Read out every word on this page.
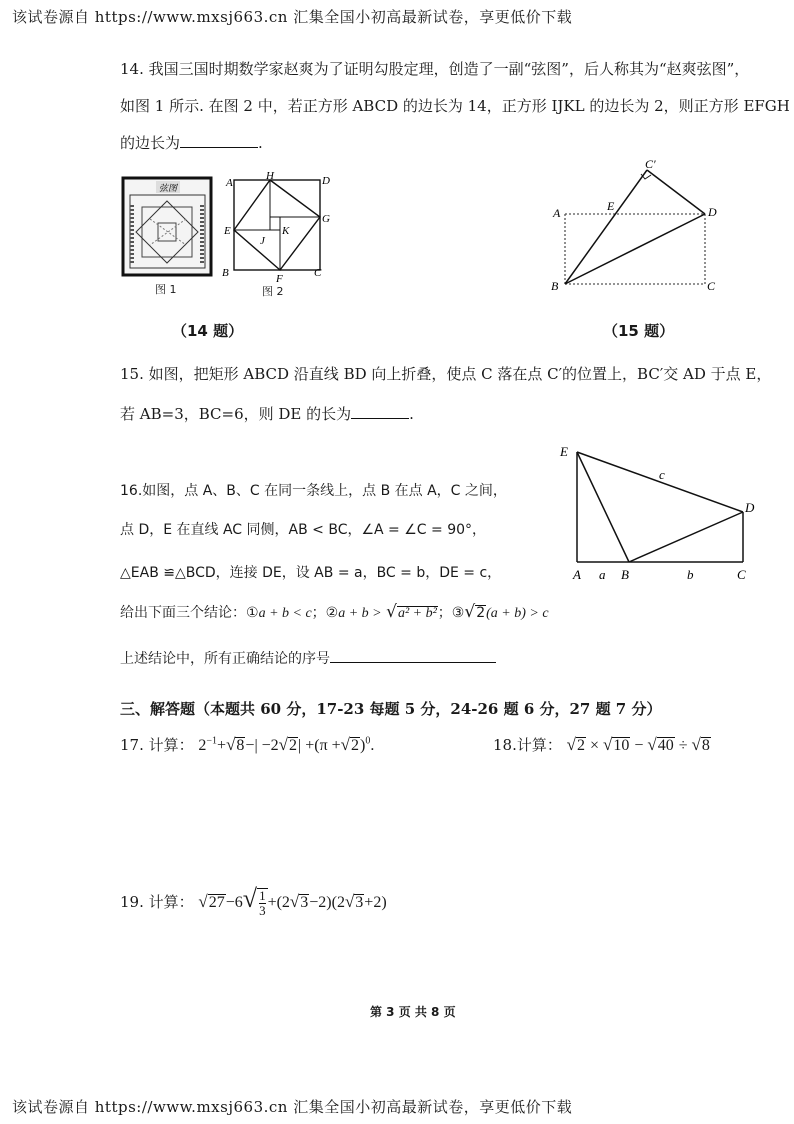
该试卷源自 https://www.mxsj663.cn 汇集全国小初高最新试卷，享更低价下载
14. 我国三国时期数学家赵爽为了证明勾股定理，创造了一副“弦图”，后人称其为“赵爽弦图”，
如图 1 所示. 在图 2 中，若正方形 ABCD 的边长为 14，正方形 IJKL 的边长为 2，则正方形 EFGH
的边长为	.
弦图
图 1
A
H	D
E
G
B	F	C
J
K
图 2
A	E
C′
D
B	C
（14 题）	（15 题）
15. 如图，把矩形 ABCD 沿直线 BD 向上折叠，使点 C 落在点 C′的位置上，BC′交 AD 于点 E，
若 AB=3，BC=6，则 DE 的长为	.
16.如图，点 A、B、C 在同一条线上，点 B 在点 A，C 之间，
点 D，E 在直线 AC 同侧，AB < BC，∠A = ∠C = 90°，
△EAB ≌△BCD，连接 DE，设 AB = a，BC = b，DE = c，
给出下面三个结论：①a + b < c；②a + b > √a² + b²；③√2(a + b) > c
上述结论中，所有正确结论的序号
E
D
A a B	b	C
c
三、解答题（本题共 60 分，17-23 每题 5 分，24-26 题 6 分，27 题 7 分）
17. 计算： $2^{-1}+√8-| -2√2| +(\pi +√2)^0$.	18.计算： √2 × √10 − √40 ÷ √8
19. 计算： $√27-6√ \frac{1}{3} +(2√3-2)(2√3+2)$
第 3 页 共 8 页
该试卷源自 https://www.mxsj663.cn 汇集全国小初高最新试卷，享更低价下载
